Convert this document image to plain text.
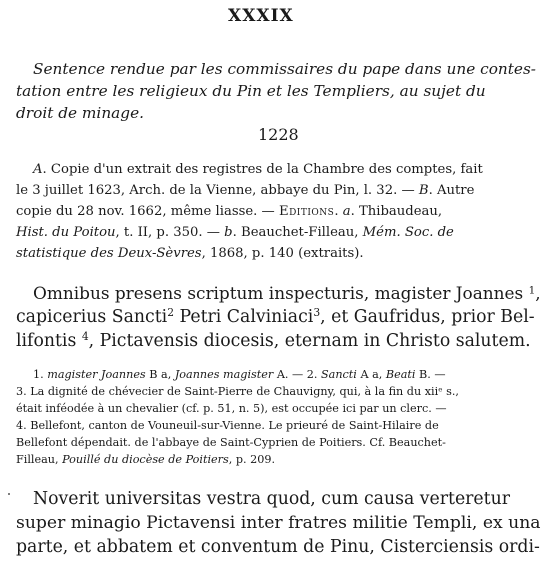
XXXIX
Sentence rendue par les commissaires du pape dans une contes-
tation entre les religieux du Pin et les Templiers, au sujet du
droit de minage.
1228
A. Copie d'un extrait des registres de la Chambre des comptes, fait
le 3 juillet 1623, Arch. de la Vienne, abbaye du Pin, l. 32. — B. Autre
copie du 28 nov. 1662, même liasse. — Editions. a. Thibaudeau,
Hist. du Poitou, t. II, p. 350. — b. Beauchet-Filleau, Mém. Soc. de
statistique des Deux-Sèvres, 1868, p. 140 (extraits).
Omnibus presens scriptum inspecturis, magister Joannes $^1$,
capicerius Sancti$^2$ Petri Calviniaci$^3$, et Gaufridus, prior Bel-
lifontis $^4$, Pictavensis diocesis, eternam in Christo salutem.
1. magister Joannes B a, Joannes magister A. — 2. Sancti A a, Beati B. —
3. La dignité de chévecier de Saint-Pierre de Chauvigny, qui, à la fin du xiiᵉ s.,
était inféodée à un chevalier (cf. p. 51, n. 5), est occupée ici par un clerc. —
4. Bellefont, canton de Vouneuil-sur-Vienne. Le prieuré de Saint-Hilaire de
Bellefont dépendait. de l'abbaye de Saint-Cyprien de Poitiers. Cf. Beauchet-
Filleau, Pouillé du diocèse de Poitiers, p. 209.
Noverit universitas vestra quod, cum causa verteretur
super minagio Pictavensi inter fratres militie Templi, ex una
parte, et abbatem et conventum de Pinu, Cisterciensis ordi-
